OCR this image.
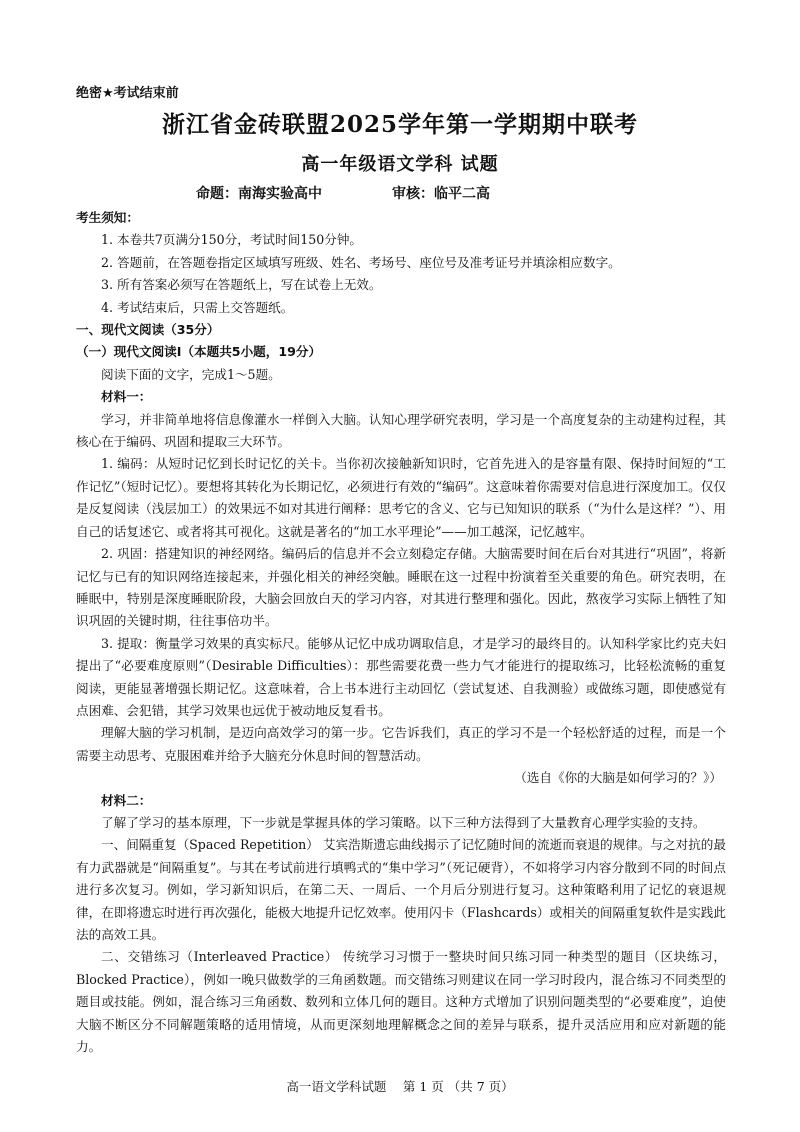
绝密★考试结束前
浙江省金砖联盟2025学年第一学期期中联考
高一年级语文学科 试题
命题：南海实验高中	审核：临平二高

考生须知：

1. 本卷共7页满分150分，考试时间150分钟。

2. 答题前，在答题卷指定区域填写班级、姓名、考场号、座位号及准考证号并填涂相应数字。

3. 所有答案必须写在答题纸上，写在试卷上无效。

4. 考试结束后，只需上交答题纸。

一、现代文阅读（35分）

（一）现代文阅读Ⅰ（本题共5小题，19分）

阅读下面的文字，完成1～5题。

材料一：

学习，并非简单地将信息像灌水一样倒入大脑。认知心理学研究表明，学习是一个高度复杂的主动建构过程，其核心在于编码、巩固和提取三大环节。

1. 编码：从短时记忆到长时记忆的关卡。当你初次接触新知识时，它首先进入的是容量有限、保持时间短的“工作记忆”（短时记忆）。要想将其转化为长期记忆，必须进行有效的“编码”。这意味着你需要对信息进行深度加工。仅仅是反复阅读（浅层加工）的效果远不如对其进行阐释：思考它的含义、它与已知知识的联系（“为什么是这样？”）、用自己的话复述它、或者将其可视化。这就是著名的“加工水平理论”——加工越深，记忆越牢。

2. 巩固：搭建知识的神经网络。编码后的信息并不会立刻稳定存储。大脑需要时间在后台对其进行“巩固”，将新记忆与已有的知识网络连接起来，并强化相关的神经突触。睡眠在这一过程中扮演着至关重要的角色。研究表明，在睡眠中，特别是深度睡眠阶段，大脑会回放白天的学习内容，对其进行整理和强化。因此，熬夜学习实际上牺牲了知识巩固的关键时期，往往事倍功半。

3. 提取：衡量学习效果的真实标尺。能够从记忆中成功调取信息，才是学习的最终目的。认知科学家比约克夫妇提出了“必要难度原则”（Desirable Difficulties）：那些需要花费一些力气才能进行的提取练习，比轻松流畅的重复阅读，更能显著增强长期记忆。这意味着，合上书本进行主动回忆（尝试复述、自我测验）或做练习题，即使感觉有点困难、会犯错，其学习效果也远优于被动地反复看书。

理解大脑的学习机制，是迈向高效学习的第一步。它告诉我们，真正的学习不是一个轻松舒适的过程，而是一个需要主动思考、克服困难并给予大脑充分休息时间的智慧活动。

（选自《你的大脑是如何学习的？》）

材料二：

了解了学习的基本原理，下一步就是掌握具体的学习策略。以下三种方法得到了大量教育心理学实验的支持。

一、间隔重复（Spaced Repetition） 艾宾浩斯遗忘曲线揭示了记忆随时间的流逝而衰退的规律。与之对抗的最有力武器就是“间隔重复”。与其在考试前进行填鸭式的“集中学习”（死记硬背），不如将学习内容分散到不同的时间点进行多次复习。例如，学习新知识后，在第二天、一周后、一个月后分别进行复习。这种策略利用了记忆的衰退规律，在即将遗忘时进行再次强化，能极大地提升记忆效率。使用闪卡（Flashcards）或相关的间隔重复软件是实践此法的高效工具。

二、交错练习（Interleaved Practice） 传统学习习惯于一整块时间只练习同一种类型的题目（区块练习，Blocked Practice），例如一晚只做数学的三角函数题。而交错练习则建议在同一学习时段内，混合练习不同类型的题目或技能。例如，混合练习三角函数、数列和立体几何的题目。这种方式增加了识别问题类型的“必要难度”，迫使大脑不断区分不同解题策略的适用情境，从而更深刻地理解概念之间的差异与联系，提升灵活应用和应对新题的能力。

高一语文学科试题　 第 1 页 （共 7 页）
